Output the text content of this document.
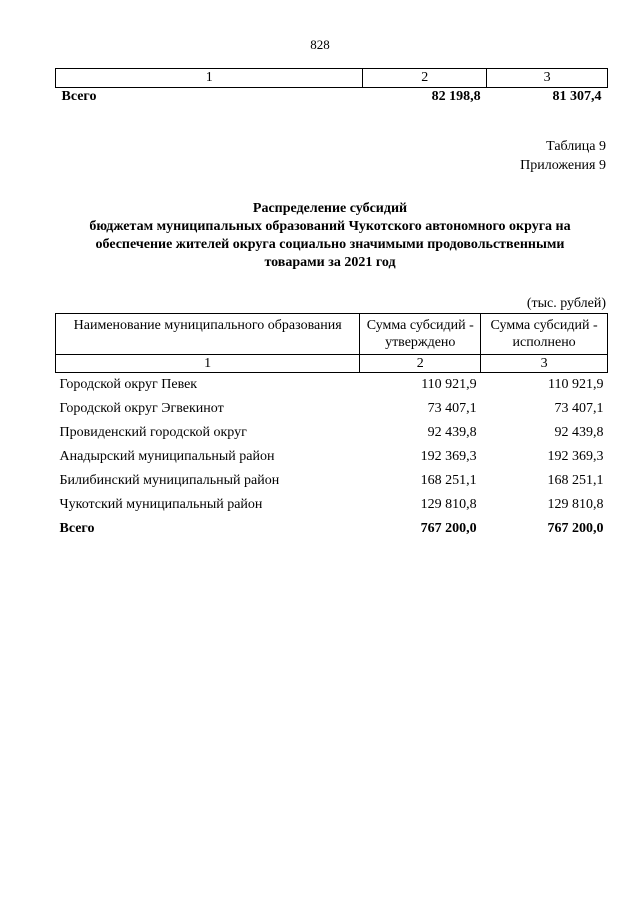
828
1	2	3
Всего	82 198,8	81 307,4
Таблица 9
Приложения 9
Распределение субсидий
бюджетам муниципальных образований Чукотского автономного округа на
обеспечение жителей округа социально значимыми продовольственными
товарами за 2021 год
(тыс. рублей)
Наименование муниципального образования	Сумма субсидий - утверждено	Сумма субсидий - исполнено
1	2	3
Городской округ Певек	110 921,9	110 921,9
Городской округ Эгвекинот	73 407,1	73 407,1
Провиденский городской округ	92 439,8	92 439,8
Анадырский муниципальный район	192 369,3	192 369,3
Билибинский муниципальный район	168 251,1	168 251,1
Чукотский муниципальный район	129 810,8	129 810,8
Всего	767 200,0	767 200,0
